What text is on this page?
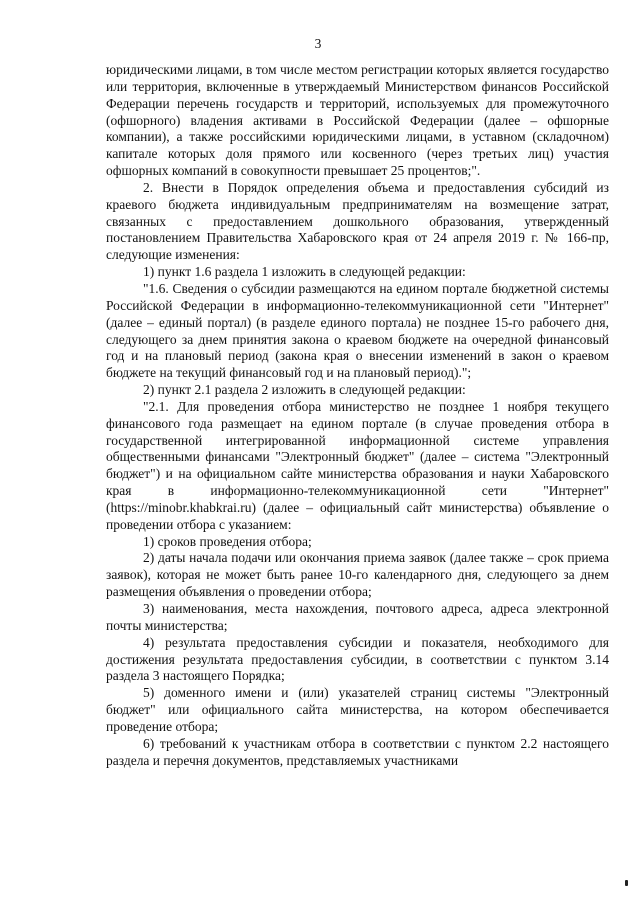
3

юридическими лицами, в том числе местом регистрации которых является государство или территория, включенные в утверждаемый Министерством финансов Российской Федерации перечень государств и территорий, используемых для промежуточного (офшорного) владения активами в Российской Федерации (далее – офшорные компании), а также российскими юридическими лицами, в уставном (складочном) капитале которых доля прямого или косвенного (через третьих лиц) участия офшорных компаний в совокупности превышает 25 процентов;".

2. Внести в Порядок определения объема и предоставления субсидий из краевого бюджета индивидуальным предпринимателям на возмещение затрат, связанных с предоставлением дошкольного образования, утвержденный постановлением Правительства Хабаровского края от 24 апреля 2019 г. № 166-пр, следующие изменения:

1) пункт 1.6 раздела 1 изложить в следующей редакции:

"1.6. Сведения о субсидии размещаются на едином портале бюджетной системы Российской Федерации в информационно-телекоммуникационной сети "Интернет" (далее – единый портал) (в разделе единого портала) не позднее 15-го рабочего дня, следующего за днем принятия закона о краевом бюджете на очередной финансовый год и на плановый период (закона края о внесении изменений в закон о краевом бюджете на текущий финансовый год и на плановый период).";

2) пункт 2.1 раздела 2 изложить в следующей редакции:

"2.1. Для проведения отбора министерство не позднее 1 ноября текущего финансового года размещает на едином портале (в случае проведения отбора в государственной интегрированной информационной системе управления общественными финансами "Электронный бюджет" (далее – система "Электронный бюджет") и на официальном сайте министерства образования и науки Хабаровского края в информационно-телекоммуникационной сети "Интернет" (https://minobr.khabkrai.ru) (далее – официальный сайт министерства) объявление о проведении отбора с указанием:

1) сроков проведения отбора;

2) даты начала подачи или окончания приема заявок (далее также – срок приема заявок), которая не может быть ранее 10-го календарного дня, следующего за днем размещения объявления о проведении отбора;

3) наименования, места нахождения, почтового адреса, адреса электронной почты министерства;

4) результата предоставления субсидии и показателя, необходимого для достижения результата предоставления субсидии, в соответствии с пунктом 3.14 раздела 3 настоящего Порядка;

5) доменного имени и (или) указателей страниц системы "Электронный бюджет" или официального сайта министерства, на котором обеспечивается проведение отбора;

6) требований к участникам отбора в соответствии с пунктом 2.2 настоящего раздела и перечня документов, представляемых участниками
